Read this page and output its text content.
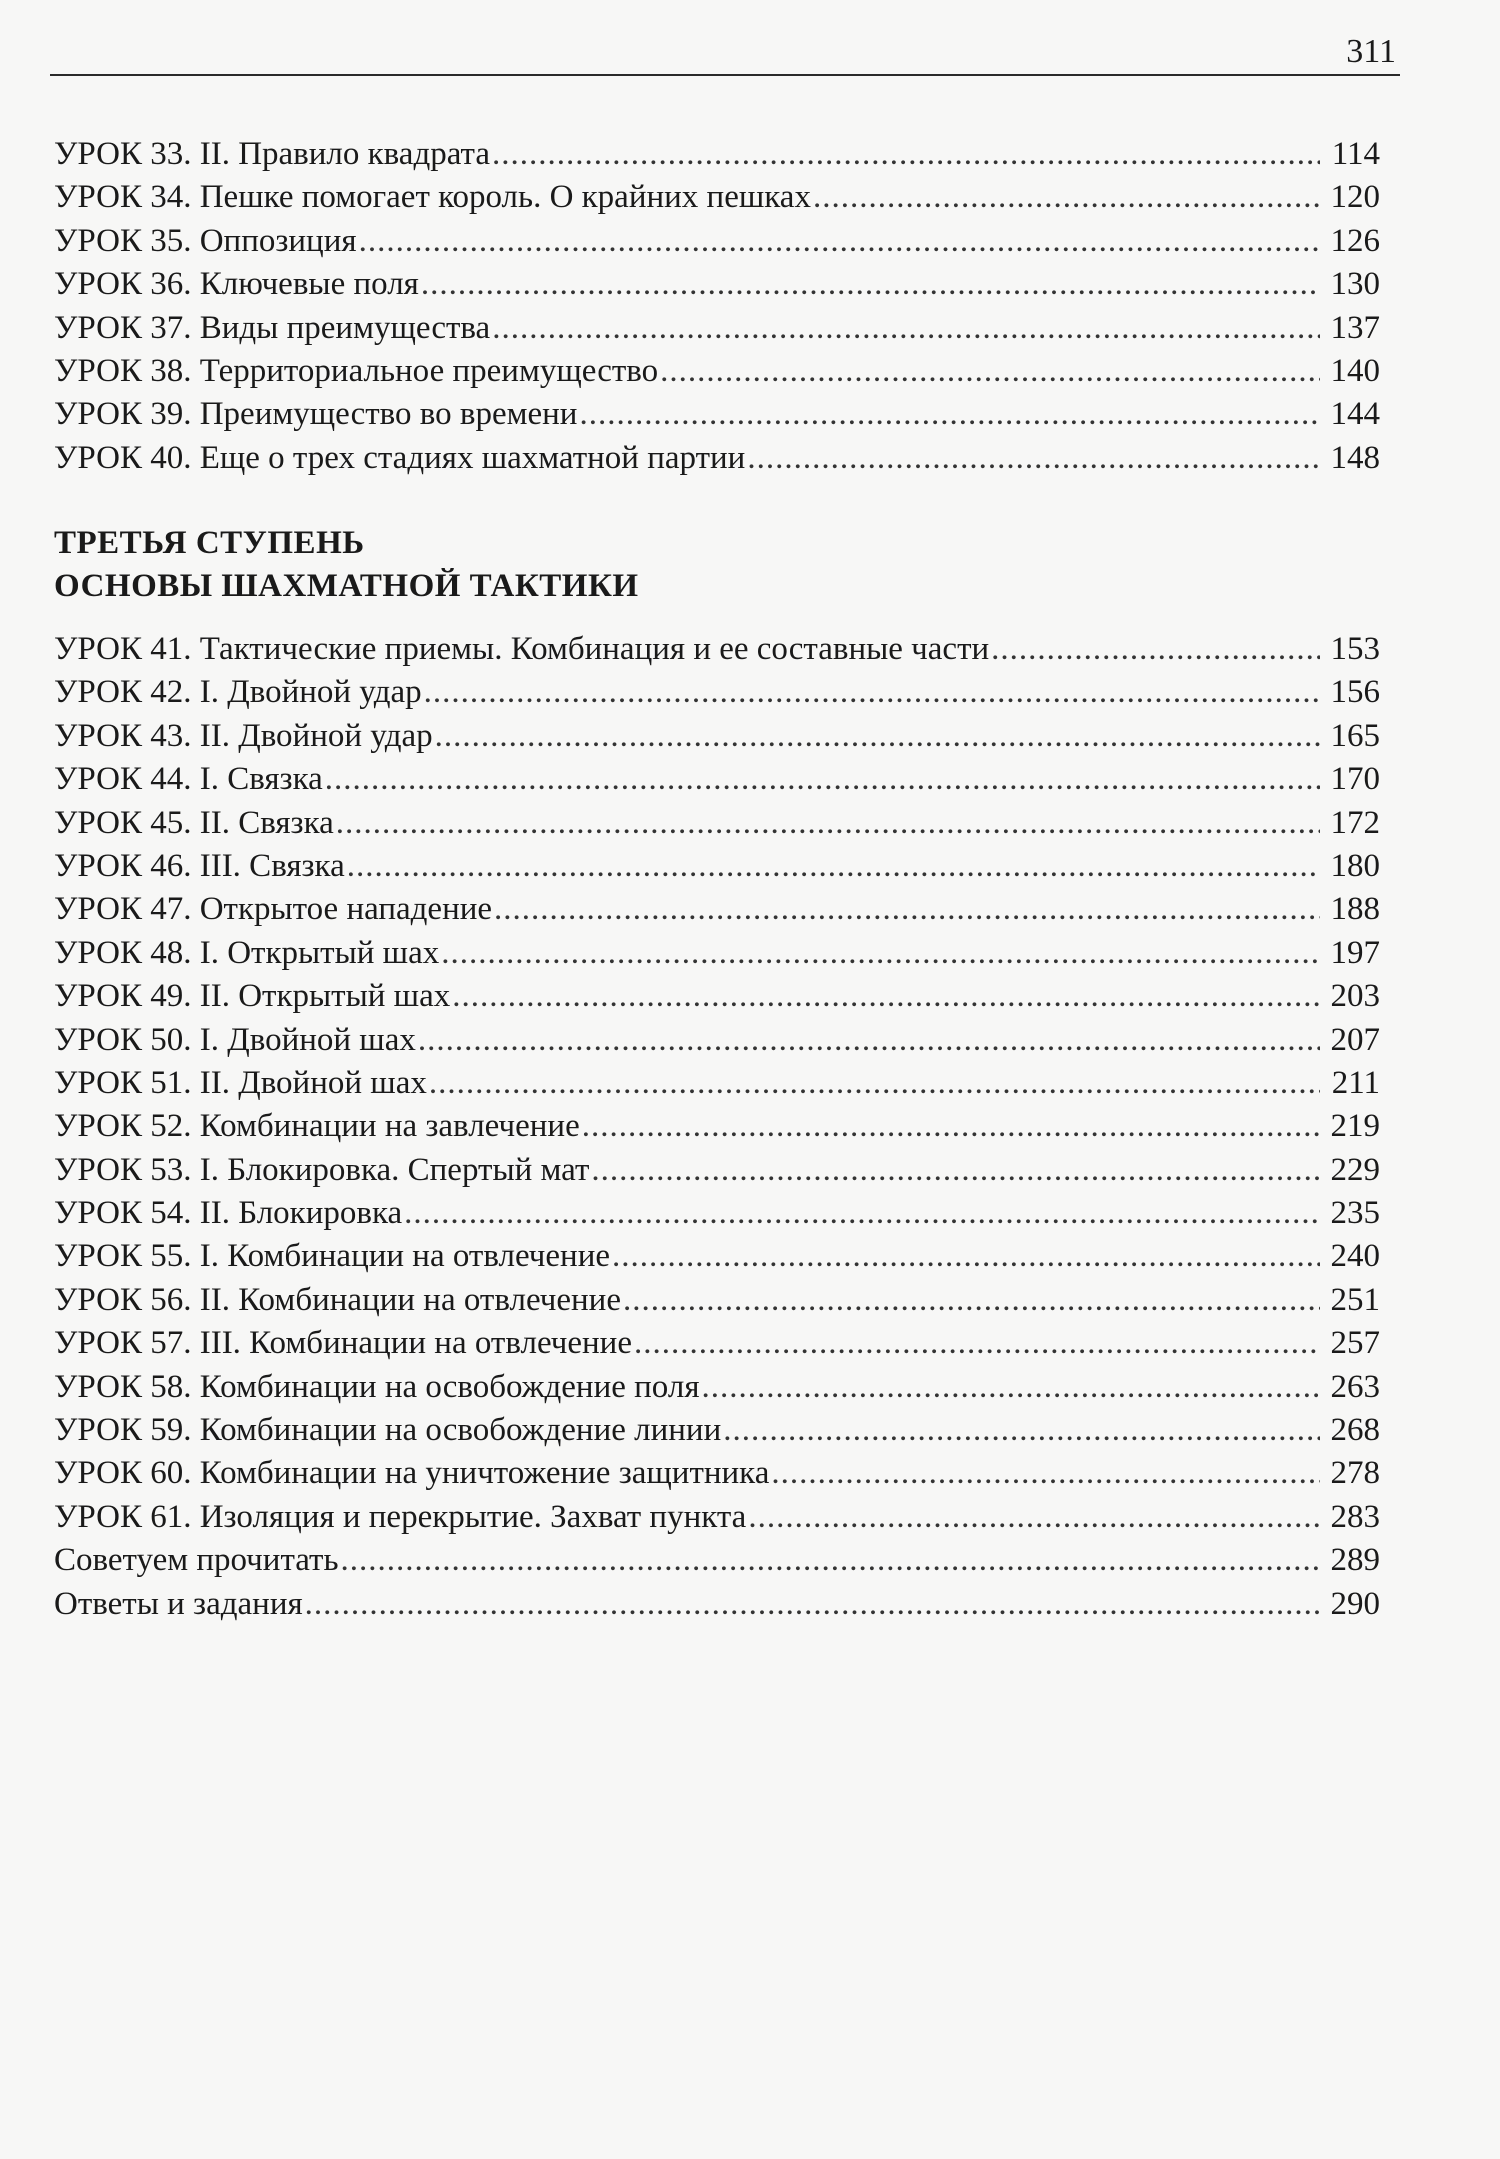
311
УРОК 33. II. Правило квадрата .....	114
УРОК 34. Пешке помогает король. О крайних пешках .....	120
УРОК 35. Оппозиция .....	126
УРОК 36. Ключевые поля .....	130
УРОК 37. Виды преимущества .....	137
УРОК 38. Территориальное преимущество .....	140
УРОК 39. Преимущество во времени .....	144
УРОК 40. Еще о трех стадиях шахматной партии .....	148
ТРЕТЬЯ СТУПЕНЬ
ОСНОВЫ ШАХМАТНОЙ ТАКТИКИ
УРОК 41. Тактические приемы. Комбинация и ее составные части .....	153
УРОК 42. I. Двойной удар .....	156
УРОК 43. II. Двойной удар .....	165
УРОК 44. I. Связка .....	170
УРОК 45. II. Связка .....	172
УРОК 46. III. Связка .....	180
УРОК 47. Открытое нападение .....	188
УРОК 48. I. Открытый шах .....	197
УРОК 49. II. Открытый шах .....	203
УРОК 50. I. Двойной шах .....	207
УРОК 51. II. Двойной шах .....	211
УРОК 52. Комбинации на завлечение .....	219
УРОК 53. I. Блокировка. Спертый мат .....	229
УРОК 54. II. Блокировка .....	235
УРОК 55. I. Комбинации на отвлечение .....	240
УРОК 56. II. Комбинации на отвлечение .....	251
УРОК 57. III. Комбинации на отвлечение .....	257
УРОК 58. Комбинации на освобождение поля .....	263
УРОК 59. Комбинации на освобождение линии .....	268
УРОК 60. Комбинации на уничтожение защитника .....	278
УРОК 61. Изоляция и перекрытие. Захват пункта .....	283
Советуем прочитать .....	289
Ответы и задания .....	290
